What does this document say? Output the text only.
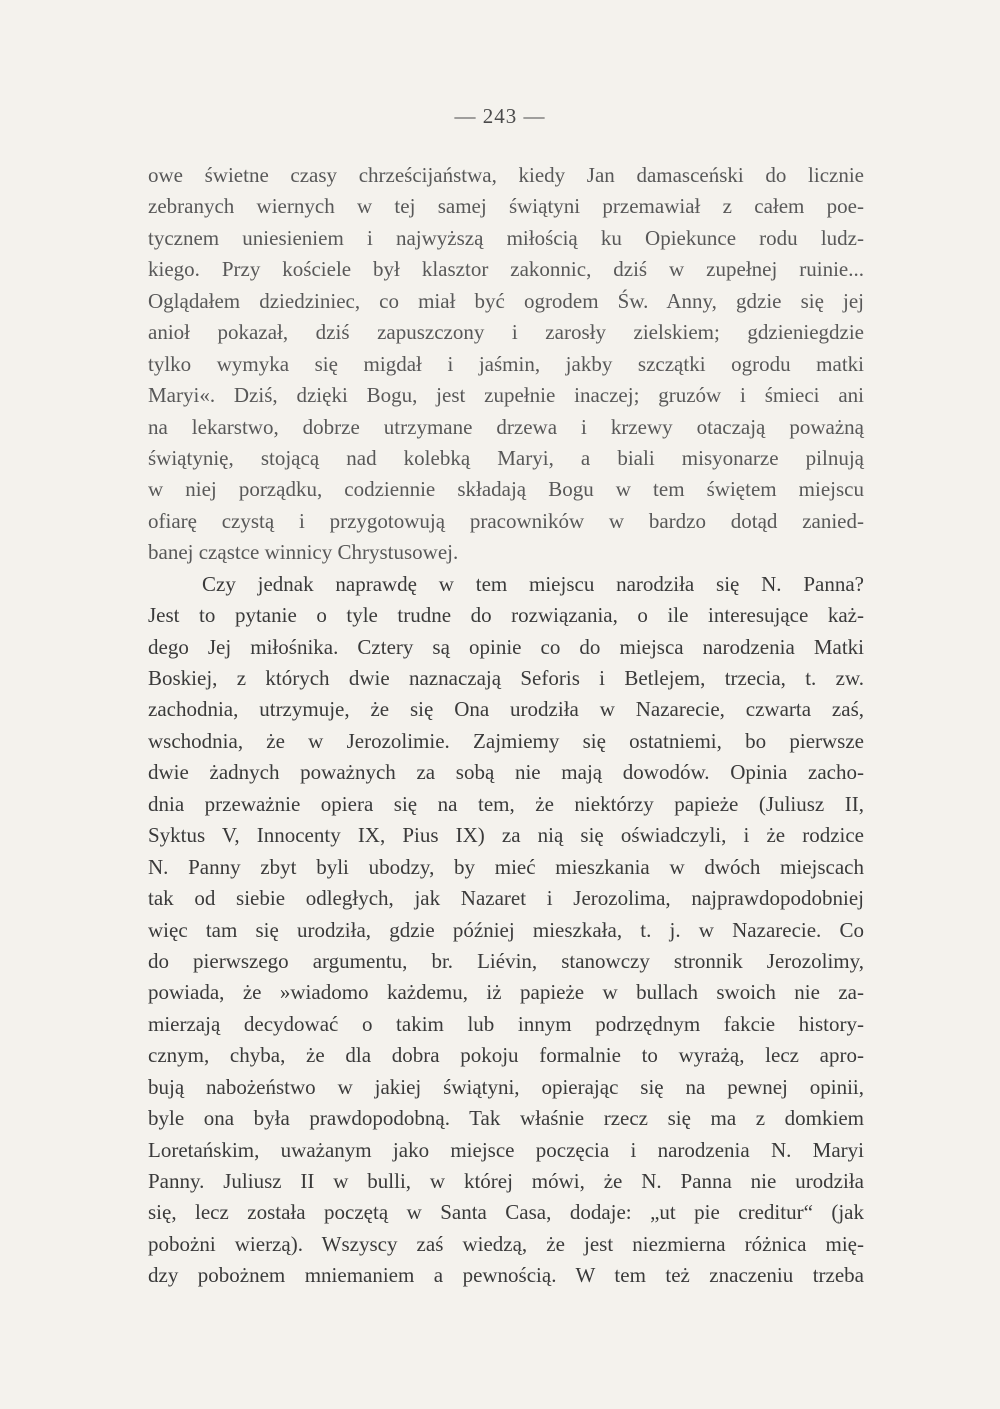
— 243 —
owe świetne czasy chrześcijaństwa, kiedy Jan damasceński do licznie
zebranych wiernych w tej samej świątyni przemawiał z całem poe-
tycznem uniesieniem i najwyższą miłością ku Opiekunce rodu ludz-
kiego. Przy kościele był klasztor zakonnic, dziś w zupełnej ruinie...
Oglądałem dziedziniec, co miał być ogrodem Św. Anny, gdzie się jej
anioł pokazał, dziś zapuszczony i zarosły zielskiem; gdzieniegdzie
tylko wymyka się migdał i jaśmin, jakby szczątki ogrodu matki
Maryi«. Dziś, dzięki Bogu, jest zupełnie inaczej; gruzów i śmieci ani
na lekarstwo, dobrze utrzymane drzewa i krzewy otaczają poważną
świątynię, stojącą nad kolebką Maryi, a biali misyonarze pilnują
w niej porządku, codziennie składają Bogu w tem świętem miejscu
ofiarę czystą i przygotowują pracowników w bardzo dotąd zanied-
banej cząstce winnicy Chrystusowej.
Czy jednak naprawdę w tem miejscu narodziła się N. Panna?
Jest to pytanie o tyle trudne do rozwiązania, o ile interesujące każ-
dego Jej miłośnika. Cztery są opinie co do miejsca narodzenia Matki
Boskiej, z których dwie naznaczają Seforis i Betlejem, trzecia, t. zw.
zachodnia, utrzymuje, że się Ona urodziła w Nazarecie, czwarta zaś,
wschodnia, że w Jerozolimie. Zajmiemy się ostatniemi, bo pierwsze
dwie żadnych poważnych za sobą nie mają dowodów. Opinia zacho-
dnia przeważnie opiera się na tem, że niektórzy papieże (Juliusz II,
Syktus V, Innocenty IX, Pius IX) za nią się oświadczyli, i że rodzice
N. Panny zbyt byli ubodzy, by mieć mieszkania w dwóch miejscach
tak od siebie odległych, jak Nazaret i Jerozolima, najprawdopodobniej
więc tam się urodziła, gdzie później mieszkała, t. j. w Nazarecie. Co
do pierwszego argumentu, br. Liévin, stanowczy stronnik Jerozolimy,
powiada, że »wiadomo każdemu, iż papieże w bullach swoich nie za-
mierzają decydować o takim lub innym podrzędnym fakcie history-
cznym, chyba, że dla dobra pokoju formalnie to wyrażą, lecz apro-
bują nabożeństwo w jakiej świątyni, opierając się na pewnej opinii,
byle ona była prawdopodobną. Tak właśnie rzecz się ma z domkiem
Loretańskim, uważanym jako miejsce poczęcia i narodzenia N. Maryi
Panny. Juliusz II w bulli, w której mówi, że N. Panna nie urodziła
się, lecz została poczętą w Santa Casa, dodaje: „ut pie creditur“ (jak
pobożni wierzą). Wszyscy zaś wiedzą, że jest niezmierna różnica mię-
dzy pobożnem mniemaniem a pewnością. W tem też znaczeniu trzeba
